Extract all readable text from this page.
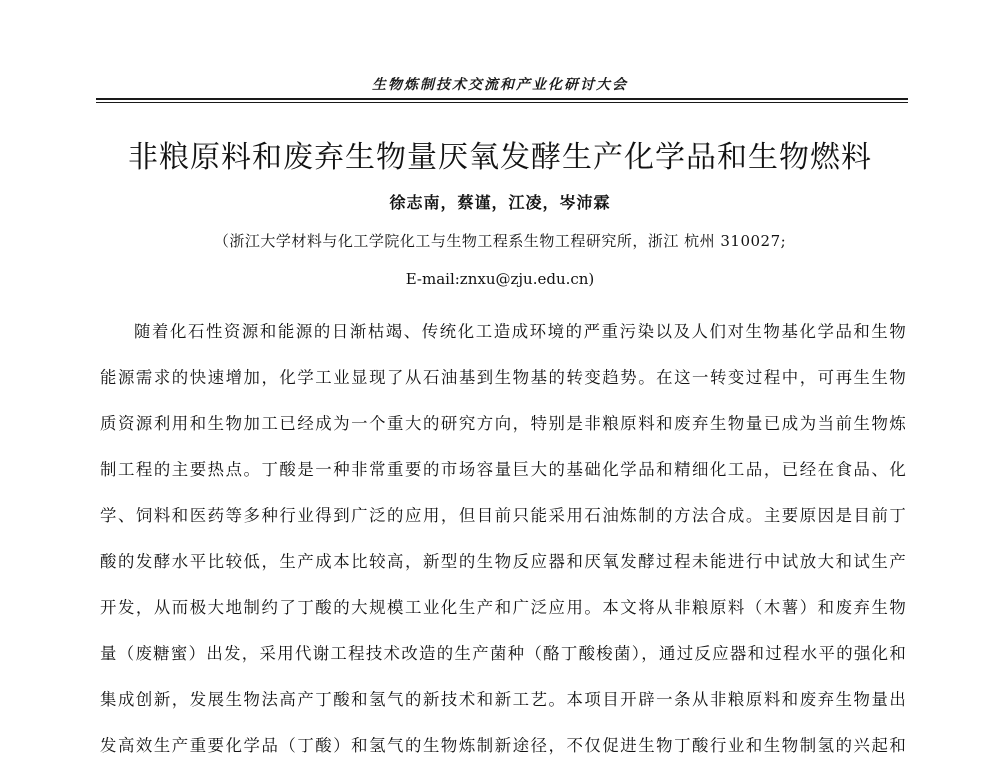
生物炼制技术交流和产业化研讨大会
非粮原料和废弃生物量厌氧发酵生产化学品和生物燃料
徐志南，蔡谨，江凌，岑沛霖
（浙江大学材料与化工学院化工与生物工程系生物工程研究所，浙江 杭州 310027;
E-mail:znxu@zju.edu.cn)
随着化石性资源和能源的日渐枯竭、传统化工造成环境的严重污染以及人们对生物基化学品和生物
能源需求的快速增加，化学工业显现了从石油基到生物基的转变趋势。在这一转变过程中，可再生生物
质资源利用和生物加工已经成为一个重大的研究方向，特别是非粮原料和废弃生物量已成为当前生物炼
制工程的主要热点。丁酸是一种非常重要的市场容量巨大的基础化学品和精细化工品，已经在食品、化
学、饲料和医药等多种行业得到广泛的应用，但目前只能采用石油炼制的方法合成。主要原因是目前丁
酸的发酵水平比较低，生产成本比较高，新型的生物反应器和厌氧发酵过程未能进行中试放大和试生产
开发，从而极大地制约了丁酸的大规模工业化生产和广泛应用。本文将从非粮原料（木薯）和废弃生物
量（废糖蜜）出发，采用代谢工程技术改造的生产菌种（酪丁酸梭菌），通过反应器和过程水平的强化和
集成创新，发展生物法高产丁酸和氢气的新技术和新工艺。本项目开辟一条从非粮原料和废弃生物量出
发高效生产重要化学品（丁酸）和氢气的生物炼制新途径，不仅促进生物丁酸行业和生物制氢的兴起和
